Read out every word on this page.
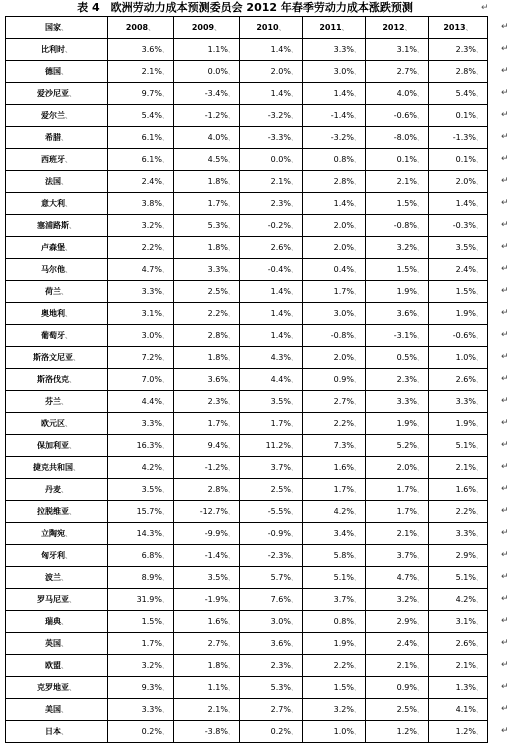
表 4　欧洲劳动力成本预测委员会 2012 年春季劳动力成本涨跌预测	↵
国家、	2008、	2009、	2010、	2011、	2012、	2013、
比利时、	3.6%、	1.1%、	1.4%、	3.3%、	3.1%、	2.3%、
德国、	2.1%、	0.0%、	2.0%、	3.0%、	2.7%、	2.8%、
爱沙尼亚、	9.7%、	-3.4%、	1.4%、	1.4%、	4.0%、	5.4%、
爱尔兰、	5.4%、	-1.2%、	-3.2%、	-1.4%、	-0.6%、	0.1%、
希腊、	6.1%、	4.0%、	-3.3%、	-3.2%、	-8.0%、	-1.3%、
西班牙、	6.1%、	4.5%、	0.0%、	0.8%、	0.1%、	0.1%、
法国、	2.4%、	1.8%、	2.1%、	2.8%、	2.1%、	2.0%、
意大利、	3.8%、	1.7%、	2.3%、	1.4%、	1.5%、	1.4%、
塞浦路斯、	3.2%、	5.3%、	-0.2%、	2.0%、	-0.8%、	-0.3%、
卢森堡、	2.2%、	1.8%、	2.6%、	2.0%、	3.2%、	3.5%、
马尔他、	4.7%、	3.3%、	-0.4%、	0.4%、	1.5%、	2.4%、
荷兰、	3.3%、	2.5%、	1.4%、	1.7%、	1.9%、	1.5%、
奥地利、	3.1%、	2.2%、	1.4%、	3.0%、	3.6%、	1.9%、
葡萄牙、	3.0%、	2.8%、	1.4%、	-0.8%、	-3.1%、	-0.6%、
斯洛文尼亚、	7.2%、	1.8%、	4.3%、	2.0%、	0.5%、	1.0%、
斯洛伐克、	7.0%、	3.6%、	4.4%、	0.9%、	2.3%、	2.6%、
芬兰、	4.4%、	2.3%、	3.5%、	2.7%、	3.3%、	3.3%、
欧元区、	3.3%、	1.7%、	1.7%、	2.2%、	1.9%、	1.9%、
保加利亚、	16.3%、	9.4%、	11.2%、	7.3%、	5.2%、	5.1%、
捷克共和国、	4.2%、	-1.2%、	3.7%、	1.6%、	2.0%、	2.1%、
丹麦、	3.5%、	2.8%、	2.5%、	1.7%、	1.7%、	1.6%、
拉脱维亚、	15.7%、	-12.7%、	-5.5%、	4.2%、	1.7%、	2.2%、
立陶宛、	14.3%、	-9.9%、	-0.9%、	3.4%、	2.1%、	3.3%、
匈牙利、	6.8%、	-1.4%、	-2.3%、	5.8%、	3.7%、	2.9%、
波兰、	8.9%、	3.5%、	5.7%、	5.1%、	4.7%、	5.1%、
罗马尼亚、	31.9%、	-1.9%、	7.6%、	3.7%、	3.2%、	4.2%、
瑞典、	1.5%、	1.6%、	3.0%、	0.8%、	2.9%、	3.1%、
英国、	1.7%、	2.7%、	3.6%、	1.9%、	2.4%、	2.6%、
欧盟、	3.2%、	1.8%、	2.3%、	2.2%、	2.1%、	2.1%、
克罗地亚、	9.3%、	1.1%、	5.3%、	1.5%、	0.9%、	1.3%、
美国、	3.3%、	2.1%、	2.7%、	3.2%、	2.5%、	4.1%、
日本、	0.2%、	-3.8%、	0.2%、	1.0%、	1.2%、	1.2%、
↵
↵
↵
↵
↵
↵
↵
↵
↵
↵
↵
↵
↵
↵
↵
↵
↵
↵
↵
↵
↵
↵
↵
↵
↵
↵
↵
↵
↵
↵
↵
↵
↵
